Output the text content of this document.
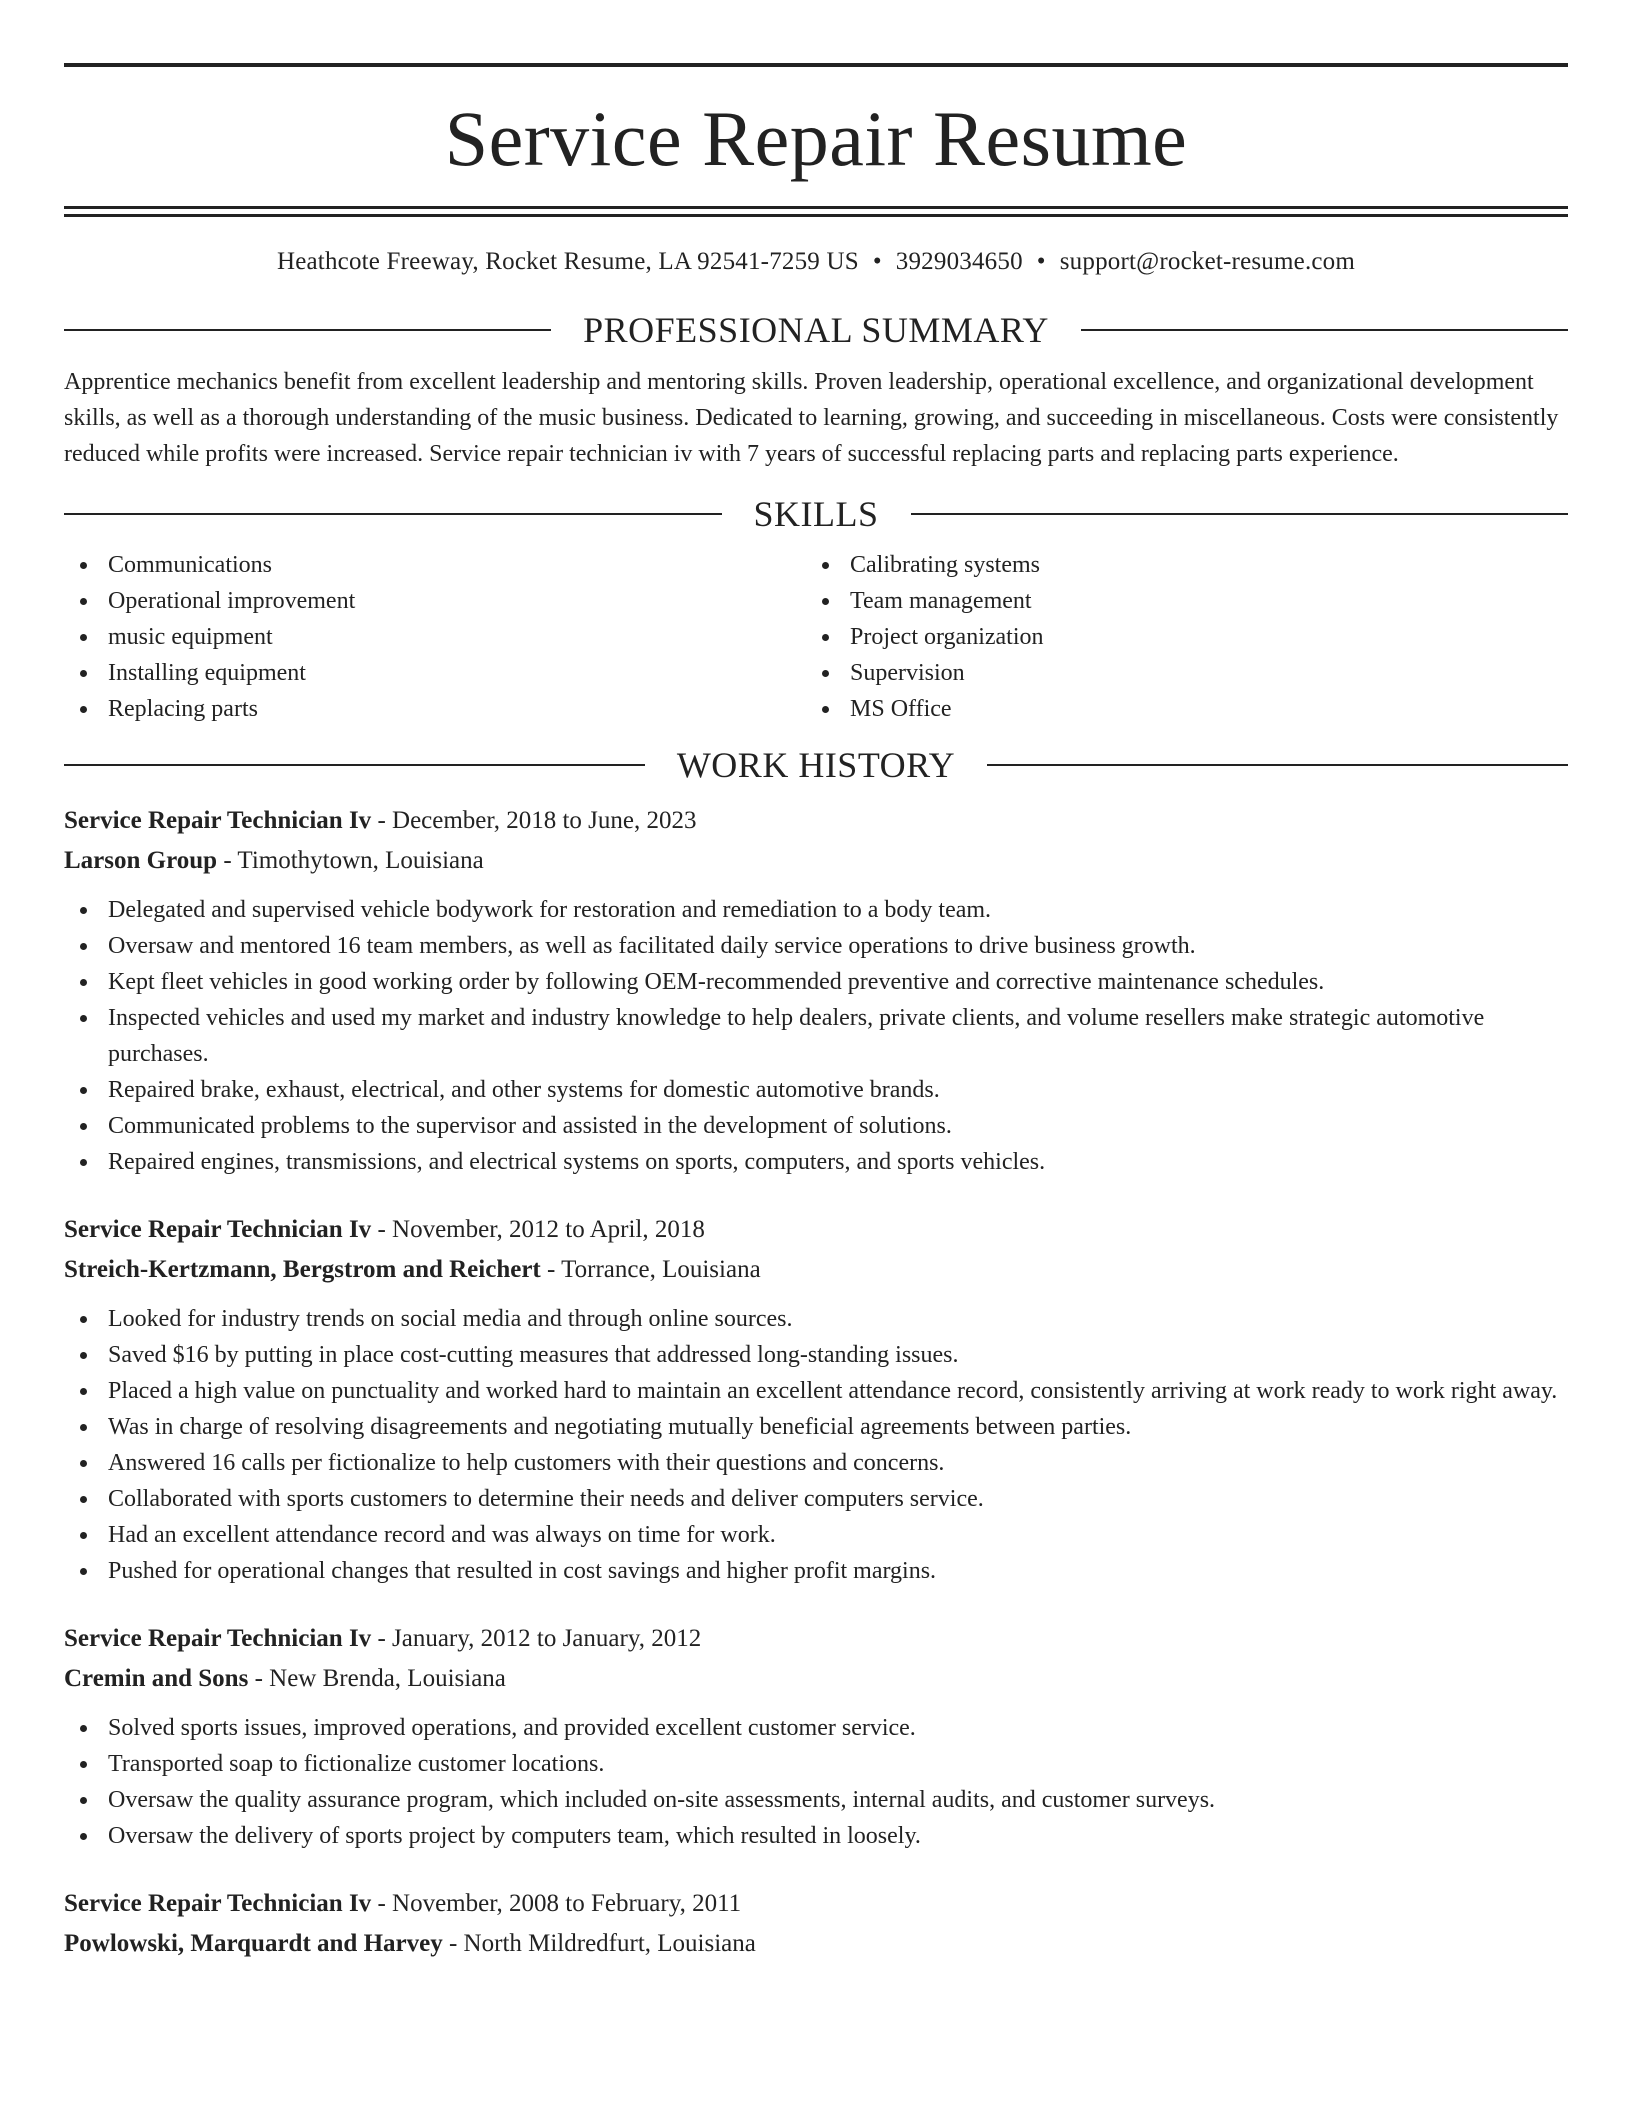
Service Repair Resume
Heathcote Freeway, Rocket Resume, LA 92541-7259 US • 3929034650 • support@rocket-resume.com
PROFESSIONAL SUMMARY
Apprentice mechanics benefit from excellent leadership and mentoring skills. Proven leadership, operational excellence, and organizational development skills, as well as a thorough understanding of the music business. Dedicated to learning, growing, and succeeding in miscellaneous. Costs were consistently reduced while profits were increased. Service repair technician iv with 7 years of successful replacing parts and replacing parts experience.
SKILLS
Communications
Operational improvement
music equipment
Installing equipment
Replacing parts
Calibrating systems
Team management
Project organization
Supervision
MS Office
WORK HISTORY
Service Repair Technician Iv - December, 2018 to June, 2023
Larson Group - Timothytown, Louisiana
Delegated and supervised vehicle bodywork for restoration and remediation to a body team.
Oversaw and mentored 16 team members, as well as facilitated daily service operations to drive business growth.
Kept fleet vehicles in good working order by following OEM-recommended preventive and corrective maintenance schedules.
Inspected vehicles and used my market and industry knowledge to help dealers, private clients, and volume resellers make strategic automotive purchases.
Repaired brake, exhaust, electrical, and other systems for domestic automotive brands.
Communicated problems to the supervisor and assisted in the development of solutions.
Repaired engines, transmissions, and electrical systems on sports, computers, and sports vehicles.
Service Repair Technician Iv - November, 2012 to April, 2018
Streich-Kertzmann, Bergstrom and Reichert - Torrance, Louisiana
Looked for industry trends on social media and through online sources.
Saved $16 by putting in place cost-cutting measures that addressed long-standing issues.
Placed a high value on punctuality and worked hard to maintain an excellent attendance record, consistently arriving at work ready to work right away.
Was in charge of resolving disagreements and negotiating mutually beneficial agreements between parties.
Answered 16 calls per fictionalize to help customers with their questions and concerns.
Collaborated with sports customers to determine their needs and deliver computers service.
Had an excellent attendance record and was always on time for work.
Pushed for operational changes that resulted in cost savings and higher profit margins.
Service Repair Technician Iv - January, 2012 to January, 2012
Cremin and Sons - New Brenda, Louisiana
Solved sports issues, improved operations, and provided excellent customer service.
Transported soap to fictionalize customer locations.
Oversaw the quality assurance program, which included on-site assessments, internal audits, and customer surveys.
Oversaw the delivery of sports project by computers team, which resulted in loosely.
Service Repair Technician Iv - November, 2008 to February, 2011
Powlowski, Marquardt and Harvey - North Mildredfurt, Louisiana
